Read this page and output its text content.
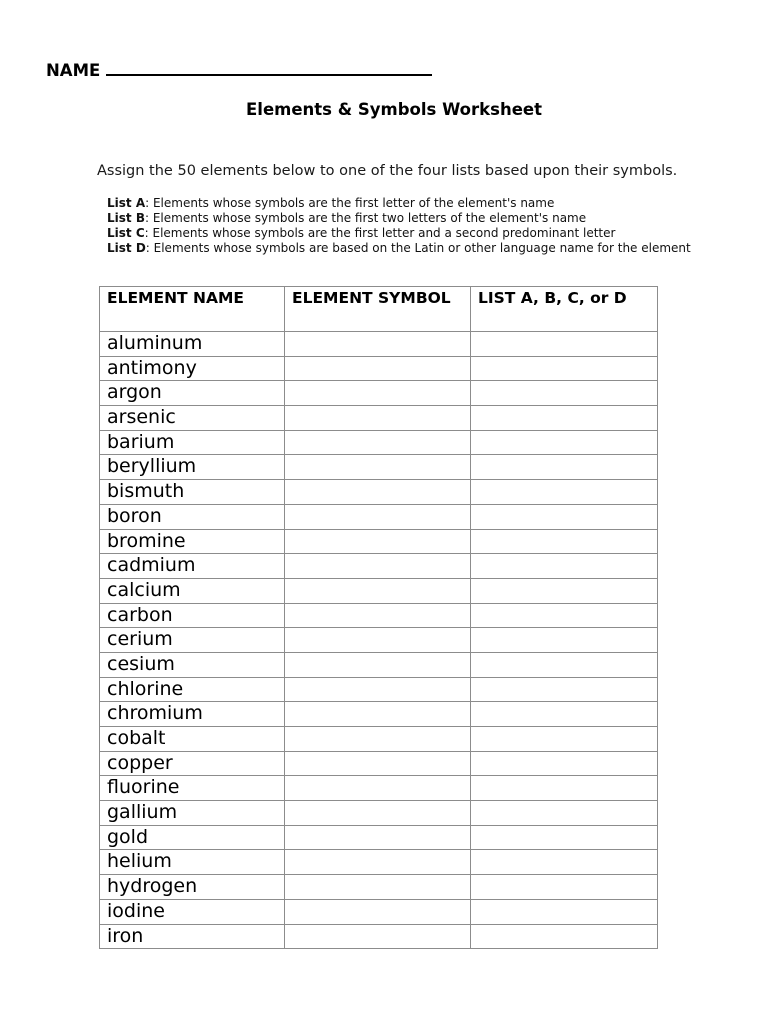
NAME
Elements & Symbols Worksheet
Assign the 50 elements below to one of the four lists based upon their symbols.
List A: Elements whose symbols are the first letter of the element's name
List B: Elements whose symbols are the first two letters of the element's name
List C: Elements whose symbols are the first letter and a second predominant letter
List D: Elements whose symbols are based on the Latin or other language name for the element
ELEMENT NAME	ELEMENT SYMBOL	LIST A, B, C, or D
aluminum		
antimony		
argon		
arsenic		
barium		
beryllium		
bismuth		
boron		
bromine		
cadmium		
calcium		
carbon		
cerium		
cesium		
chlorine		
chromium		
cobalt		
copper		
fluorine		
gallium		
gold		
helium		
hydrogen		
iodine		
iron		
